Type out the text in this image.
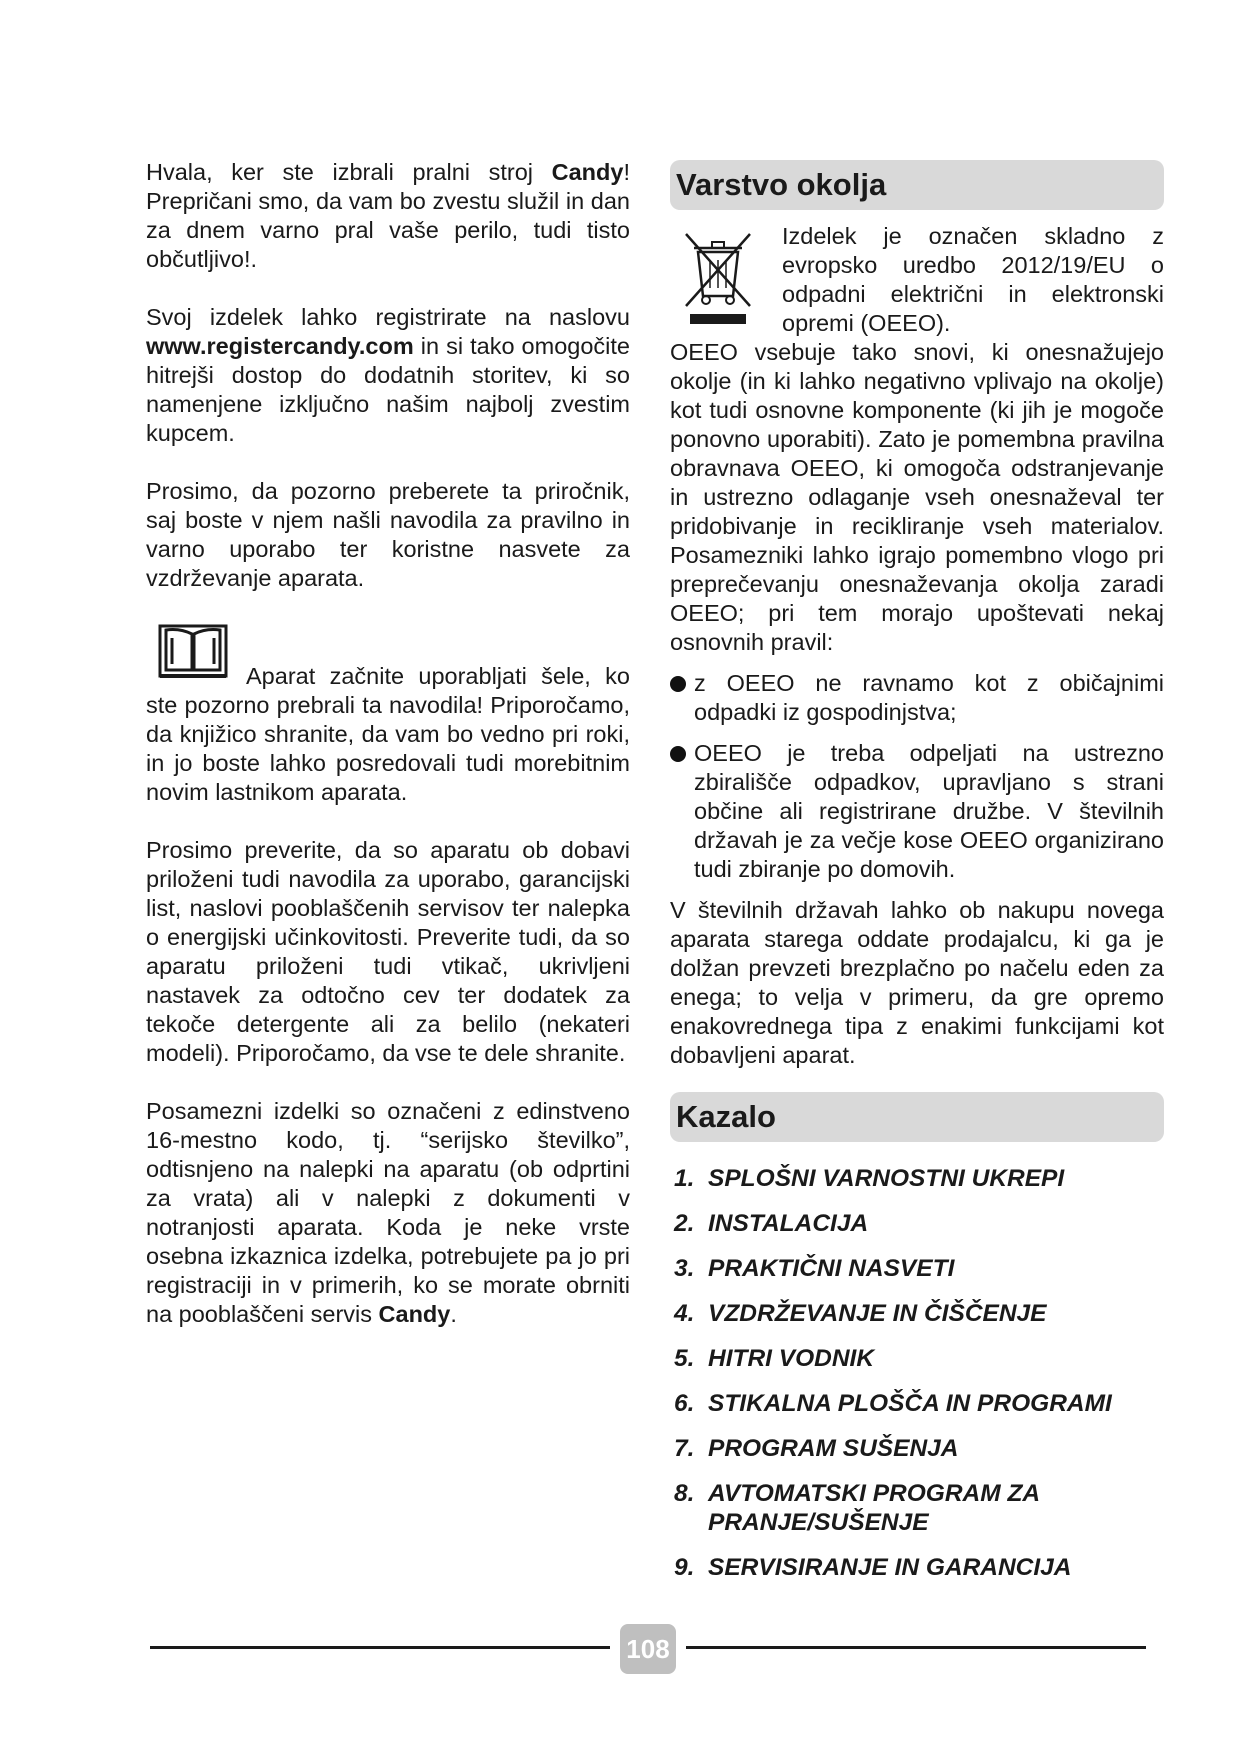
Hvala, ker ste izbrali pralni stroj Candy! Prepričani smo, da vam bo zvestu služil in dan za dnem varno pral vaše perilo, tudi tisto občutljivo!.

Svoj izdelek lahko registrirate na naslovu www.registercandy.com in si tako omogočite hitrejši dostop do dodatnih storitev, ki so namenjene izključno našim najbolj zvestim kupcem.

Prosimo, da pozorno preberete ta priročnik, saj boste v njem našli navodila za pravilno in varno uporabo ter koristne nasvete za vzdrževanje aparata.

Aparat začnite uporabljati šele, ko ste pozorno prebrali ta navodila! Priporočamo, da knjižico shranite, da vam bo vedno pri roki, in jo boste lahko posredovali tudi morebitnim novim lastnikom aparata.

Prosimo preverite, da so aparatu ob dobavi priloženi tudi navodila za uporabo, garancijski list, naslovi pooblaščenih servisov ter nalepka o energijski učinkovitosti. Preverite tudi, da so aparatu priloženi tudi vtikač, ukrivljeni nastavek za odtočno cev ter dodatek za tekoče detergente ali za belilo (nekateri modeli). Priporočamo, da vse te dele shranite.

Posamezni izdelki so označeni z edinstveno 16-mestno kodo, tj. “serijsko številko”, odtisnjeno na nalepki na aparatu (ob odprtini za vrata) ali v nalepki z dokumenti v notranjosti aparata. Koda je neke vrste osebna izkaznica izdelka, potrebujete pa jo pri registraciji in v primerih, ko se morate obrniti na pooblaščeni servis Candy.

Varstvo okolja
Izdelek je označen skladno z evropsko uredbo 2012/19/EU o odpadni električni in elektronski opremi (OEEO).

OEEO vsebuje tako snovi, ki onesnažujejo okolje (in ki lahko negativno vplivajo na okolje) kot tudi osnovne komponente (ki jih je mogoče ponovno uporabiti). Zato je pomembna pravilna obravnava OEEO, ki omogoča odstranjevanje in ustrezno odlaganje vseh onesnaževal ter pridobivanje in recikliranje vseh materialov. Posamezniki lahko igrajo pomembno vlogo pri preprečevanju onesnaževanja okolja zaradi OEEO; pri tem morajo upoštevati nekaj osnovnih pravil:

z OEEO ne ravnamo kot z običajnimi odpadki iz gospodinjstva;
OEEO je treba odpeljati na ustrezno zbirališče odpadkov, upravljano s strani občine ali registrirane družbe. V številnih državah je za večje kose OEEO organizirano tudi zbiranje po domovih.

V številnih državah lahko ob nakupu novega aparata starega oddate prodajalcu, ki ga je dolžan prevzeti brezplačno po načelu eden za enega; to velja v primeru, da gre opremo enakovrednega tipa z enakimi funkcijami kot dobavljeni aparat.

Kazalo
1. SPLOŠNI VARNOSTNI UKREPI
2. INSTALACIJA
3. PRAKTIČNI NASVETI
4. VZDRŽEVANJE IN ČIŠČENJE
5. HITRI VODNIK
6. STIKALNA PLOŠČA IN PROGRAMI
7. PROGRAM SUŠENJA
8. AVTOMATSKI PROGRAM ZA PRANJE/SUŠENJE
9. SERVISIRANJE IN GARANCIJA
108
